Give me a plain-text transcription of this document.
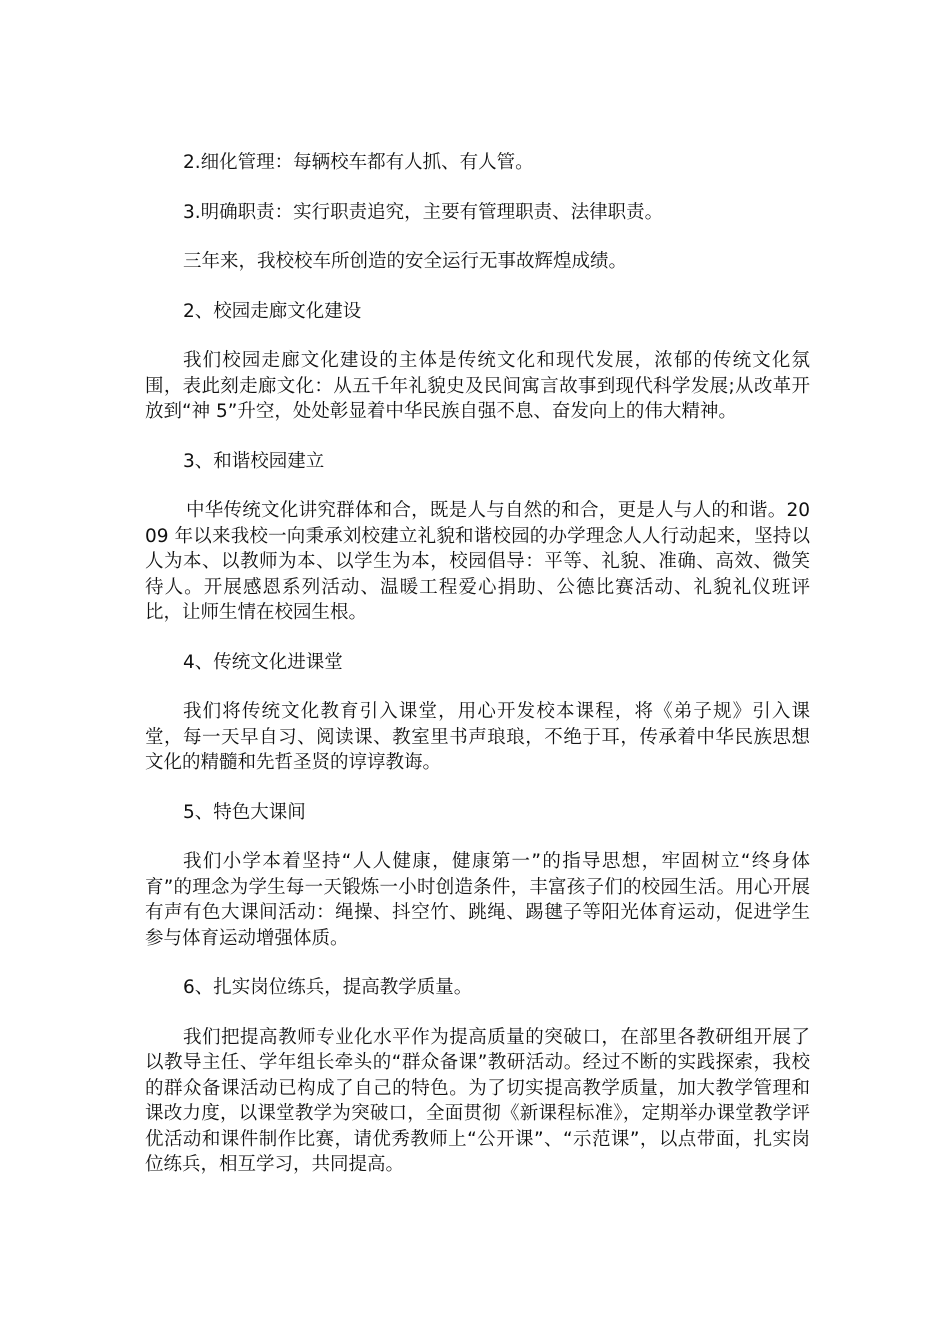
2.细化管理：每辆校车都有人抓、有人管。

3.明确职责：实行职责追究，主要有管理职责、法律职责。

三年来，我校校车所创造的安全运行无事故辉煌成绩。

2、校园走廊文化建设

我们校园走廊文化建设的主体是传统文化和现代发展，浓郁的传统文化氛围，表此刻走廊文化：从五千年礼貌史及民间寓言故事到现代科学发展;从改革开放到“神 5”升空，处处彰显着中华民族自强不息、奋发向上的伟大精神。

3、和谐校园建立

中华传统文化讲究群体和合，既是人与自然的和合，更是人与人的和谐。2009 年以来我校一向秉承刘校建立礼貌和谐校园的办学理念人人行动起来，坚持以人为本、以教师为本、以学生为本，校园倡导：平等、礼貌、准确、高效、微笑待人。开展感恩系列活动、温暖工程爱心捐助、公德比赛活动、礼貌礼仪班评比，让师生情在校园生根。

4、传统文化进课堂

我们将传统文化教育引入课堂，用心开发校本课程，将《弟子规》引入课堂，每一天早自习、阅读课、教室里书声琅琅，不绝于耳，传承着中华民族思想文化的精髓和先哲圣贤的谆谆教诲。

5、特色大课间

我们小学本着坚持“人人健康，健康第一”的指导思想，牢固树立“终身体育”的理念为学生每一天锻炼一小时创造条件，丰富孩子们的校园生活。用心开展有声有色大课间活动：绳操、抖空竹、跳绳、踢毽子等阳光体育运动，促进学生参与体育运动增强体质。

6、扎实岗位练兵，提高教学质量。

我们把提高教师专业化水平作为提高质量的突破口，在部里各教研组开展了以教导主任、学年组长牵头的“群众备课”教研活动。经过不断的实践探索，我校的群众备课活动已构成了自己的特色。为了切实提高教学质量，加大教学管理和课改力度，以课堂教学为突破口，全面贯彻《新课程标准》，定期举办课堂教学评优活动和课件制作比赛，请优秀教师上“公开课”、“示范课”，以点带面，扎实岗位练兵，相互学习，共同提高。
